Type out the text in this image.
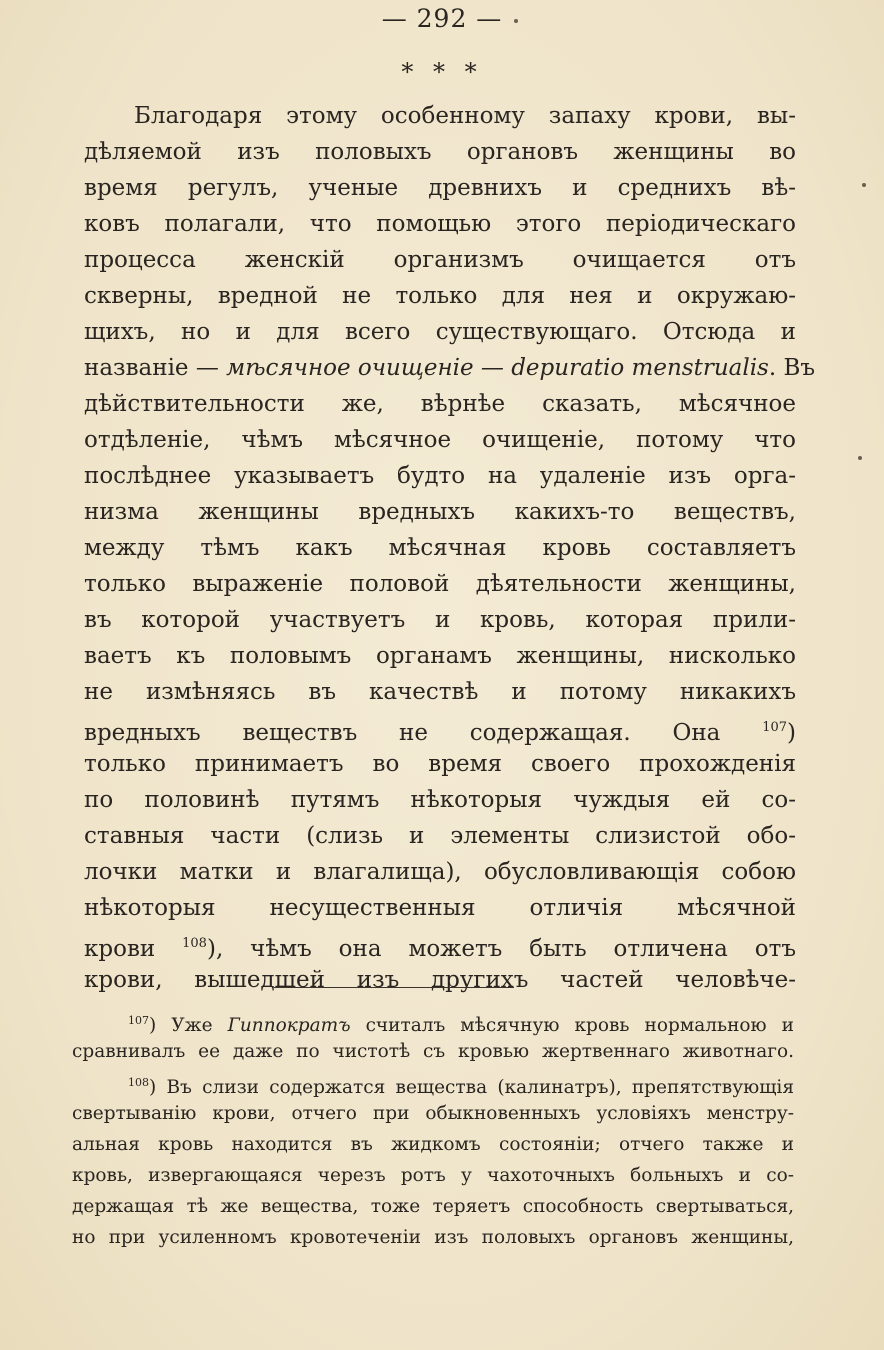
— 292 —
* * *
Благодаря этому особенному запаху крови, вы-
дѣляемой изъ половыхъ органовъ женщины во
время регулъ, ученые древнихъ и среднихъ вѣ-
ковъ полагали, что помощью этого періодическаго
процесса женскій организмъ очищается отъ
скверны, вредной не только для нея и окружаю-
щихъ, но и для всего существующаго. Отсюда и
названіе — мѣсячное очищеніе — depuratio menstrualis. Въ
дѣйствительности же, вѣрнѣе сказать, мѣсячное
отдѣленіе, чѣмъ мѣсячное очищеніе, потому что
послѣднее указываетъ будто на удаленіе изъ орга-
низма женщины вредныхъ какихъ-то веществъ,
между тѣмъ какъ мѣсячная кровь составляетъ
только выраженіе половой дѣятельности женщины,
въ которой участвуетъ и кровь, которая прили-
ваетъ къ половымъ органамъ женщины, нисколько
не измѣняясь въ качествѣ и потому никакихъ
вредныхъ веществъ не содержащая. Она $^{107}$)
только принимаетъ во время своего прохожденія
по половинѣ путямъ нѣкоторыя чуждыя ей со-
ставныя части (слизь и элементы слизистой обо-
лочки матки и влагалища), обусловливающія собою
нѣкоторыя несущественныя отличія мѣсячной
крови $^{108}$), чѣмъ она можетъ быть отличена отъ
крови, вышедшей изъ другихъ частей человѣче-
$^{107}$) Уже Гиппократъ считалъ мѣсячную кровь нормальною и
сравнивалъ ее даже по чистотѣ съ кровью жертвеннаго животнаго.
$^{108}$) Въ слизи содержатся вещества (калинатръ), препятствующія
свертыванію крови, отчего при обыкновенныхъ условіяхъ менстру-
альная кровь находится въ жидкомъ состояніи; отчего также и
кровь, извергающаяся черезъ ротъ у чахоточныхъ больныхъ и со-
держащая тѣ же вещества, тоже теряетъ способность свертываться,
но при усиленномъ кровотеченіи изъ половыхъ органовъ женщины,
